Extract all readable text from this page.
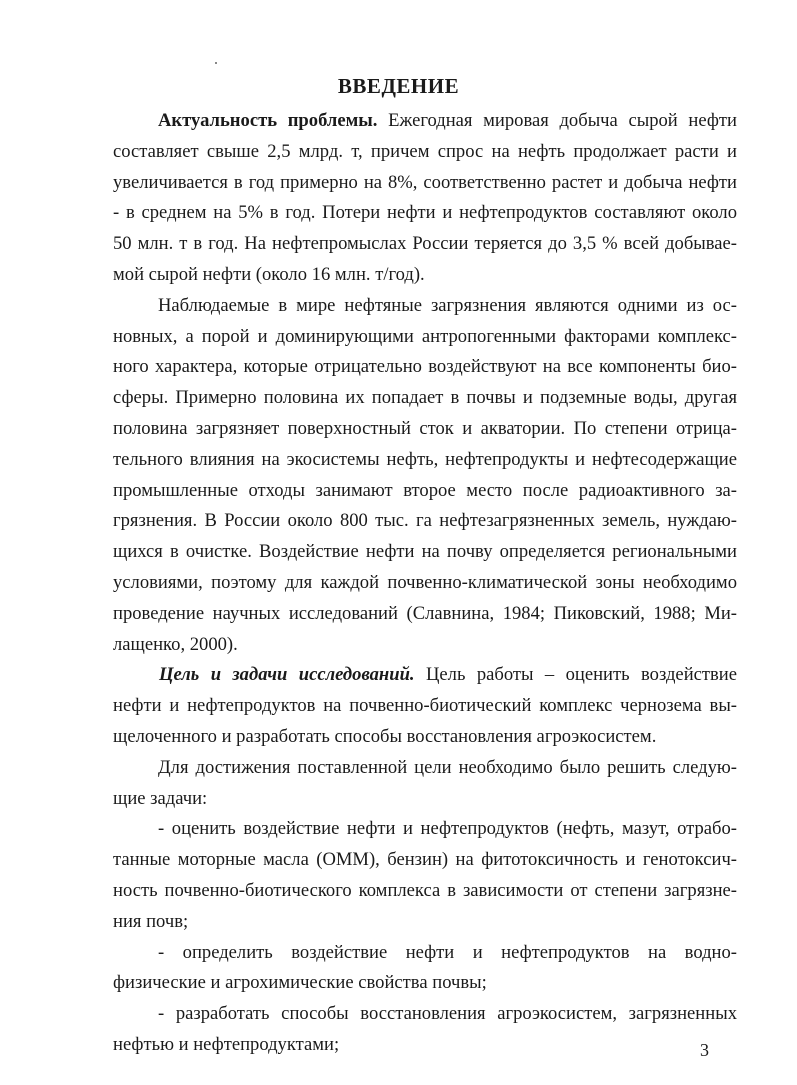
ВВЕДЕНИЕ
Актуальность проблемы. Ежегодная мировая добыча сырой нефти
составляет свыше 2,5 млрд. т, причем спрос на нефть продолжает расти и
увеличивается в год примерно на 8%, соответственно растет и добыча нефти
- в среднем на 5% в год. Потери нефти и нефтепродуктов составляют около
50 млн. т в год. На нефтепромыслах России теряется до 3,5 % всей добывае-
мой сырой нефти (около 16 млн. т/год).
Наблюдаемые в мире нефтяные загрязнения являются одними из ос-
новных, а порой и доминирующими антропогенными факторами комплекс-
ного характера, которые отрицательно воздействуют на все компоненты био-
сферы. Примерно половина их попадает в почвы и подземные воды, другая
половина загрязняет поверхностный сток и акватории. По степени отрица-
тельного влияния на экосистемы нефть, нефтепродукты и нефтесодержащие
промышленные отходы занимают второе место после радиоактивного за-
грязнения. В России около 800 тыс. га нефтезагрязненных земель, нуждаю-
щихся в очистке. Воздействие нефти на почву определяется региональными
условиями, поэтому для каждой почвенно-климатической зоны необходимо
проведение научных исследований (Славнина, 1984; Пиковский, 1988; Ми-
лащенко, 2000).
Цель и задачи исследований. Цель работы – оценить воздействие
нефти и нефтепродуктов на почвенно-биотический комплекс чернозема вы-
щелоченного и разработать способы восстановления агроэкосистем.
Для достижения поставленной цели необходимо было решить следую-
щие задачи:
- оценить воздействие нефти и нефтепродуктов (нефть, мазут, отрабо-
танные моторные масла (ОММ), бензин) на фитотоксичность и генотоксич-
ность почвенно-биотического комплекса в зависимости от степени загрязне-
ния почв;
- определить воздействие нефти и нефтепродуктов на водно-
физические и агрохимические свойства почвы;
- разработать способы восстановления агроэкосистем, загрязненных
нефтью и нефтепродуктами;	3
